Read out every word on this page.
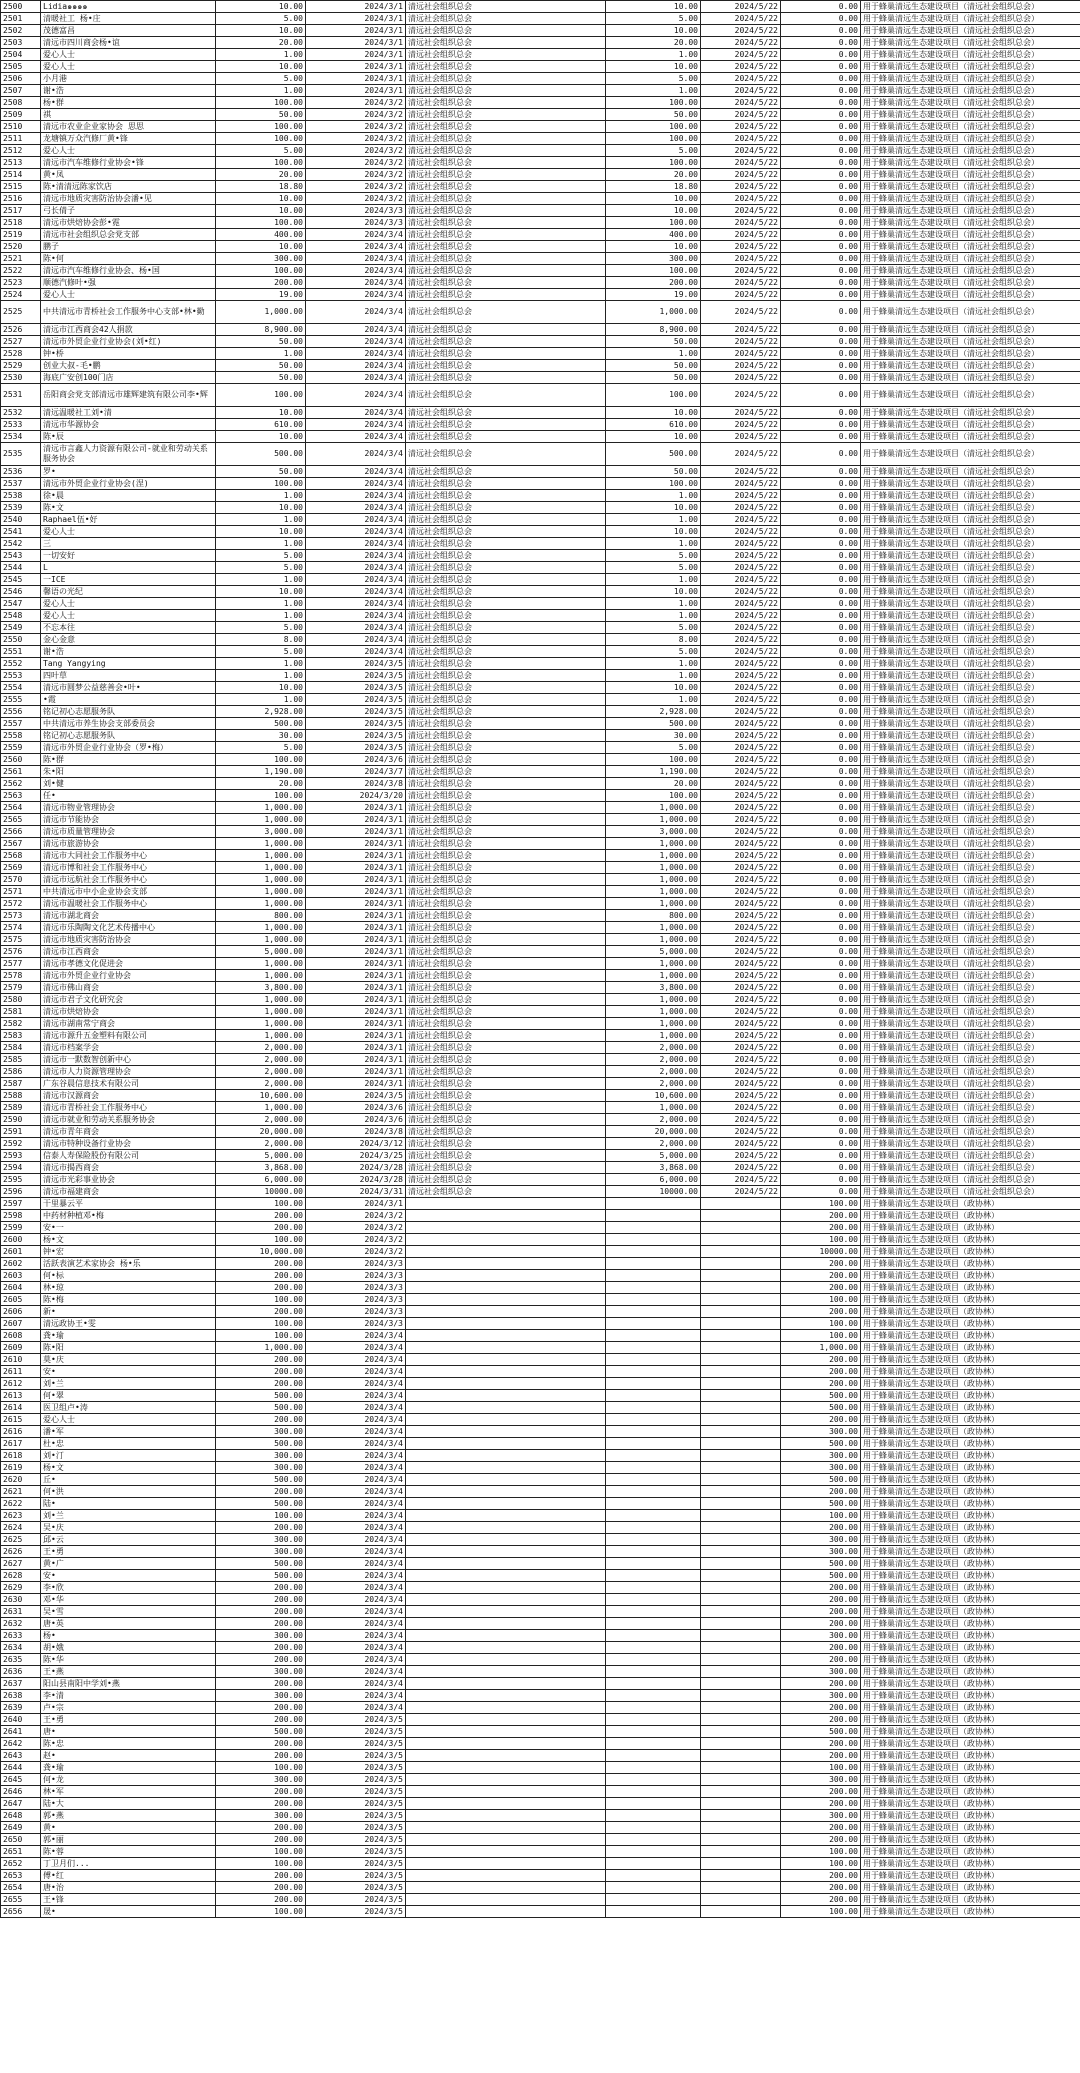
2500	Lidia๑๑๑๑	10.00	2024/3/1	清远社会组织总会	10.00	2024/5/22	0.00	用于蜂巢清远生态建设项目（清远社会组织总会）
2501	清暖社工 杨•庄	5.00	2024/3/1	清远社会组织总会	5.00	2024/5/22	0.00	用于蜂巢清远生态建设项目（清远社会组织总会）
2502	茂德富昌	10.00	2024/3/1	清远社会组织总会	10.00	2024/5/22	0.00	用于蜂巢清远生态建设项目（清远社会组织总会）
2503	清远市四川商会杨•谊	20.00	2024/3/1	清远社会组织总会	20.00	2024/5/22	0.00	用于蜂巢清远生态建设项目（清远社会组织总会）
2504	爱心人士	1.00	2024/3/1	清远社会组织总会	1.00	2024/5/22	0.00	用于蜂巢清远生态建设项目（清远社会组织总会）
2505	爱心人士	10.00	2024/3/1	清远社会组织总会	10.00	2024/5/22	0.00	用于蜂巢清远生态建设项目（清远社会组织总会）
2506	小月港	5.00	2024/3/1	清远社会组织总会	5.00	2024/5/22	0.00	用于蜂巢清远生态建设项目（清远社会组织总会）
2507	谢•浩	1.00	2024/3/1	清远社会组织总会	1.00	2024/5/22	0.00	用于蜂巢清远生态建设项目（清远社会组织总会）
2508	杨•群	100.00	2024/3/2	清远社会组织总会	100.00	2024/5/22	0.00	用于蜂巢清远生态建设项目（清远社会组织总会）
2509	祺	50.00	2024/3/2	清远社会组织总会	50.00	2024/5/22	0.00	用于蜂巢清远生态建设项目（清远社会组织总会）
2510	清远市农业企业家协会 思思	100.00	2024/3/2	清远社会组织总会	100.00	2024/5/22	0.00	用于蜂巢清远生态建设项目（清远社会组织总会）
2511	龙塘镇万众汽修厂黄•锋	100.00	2024/3/2	清远社会组织总会	100.00	2024/5/22	0.00	用于蜂巢清远生态建设项目（清远社会组织总会）
2512	爱心人士	5.00	2024/3/2	清远社会组织总会	5.00	2024/5/22	0.00	用于蜂巢清远生态建设项目（清远社会组织总会）
2513	清远市汽车维修行业协会•锋	100.00	2024/3/2	清远社会组织总会	100.00	2024/5/22	0.00	用于蜂巢清远生态建设项目（清远社会组织总会）
2514	黄•凤	20.00	2024/3/2	清远社会组织总会	20.00	2024/5/22	0.00	用于蜂巢清远生态建设项目（清远社会组织总会）
2515	陈•清清远陈家饮店	18.80	2024/3/2	清远社会组织总会	18.80	2024/5/22	0.00	用于蜂巢清远生态建设项目（清远社会组织总会）
2516	清远市地质灾害防治协会潘•见	10.00	2024/3/2	清远社会组织总会	10.00	2024/5/22	0.00	用于蜂巢清远生态建设项目（清远社会组织总会）
2517	弓长倩子	10.00	2024/3/3	清远社会组织总会	10.00	2024/5/22	0.00	用于蜂巢清远生态建设项目（清远社会组织总会）
2518	清远市烘焙协会彭•霓	100.00	2024/3/3	清远社会组织总会	100.00	2024/5/22	0.00	用于蜂巢清远生态建设项目（清远社会组织总会）
2519	清远市社会组织总会党支部	400.00	2024/3/4	清远社会组织总会	400.00	2024/5/22	0.00	用于蜂巢清远生态建设项目（清远社会组织总会）
2520	鹏子	10.00	2024/3/4	清远社会组织总会	10.00	2024/5/22	0.00	用于蜂巢清远生态建设项目（清远社会组织总会）
2521	陈•何	300.00	2024/3/4	清远社会组织总会	300.00	2024/5/22	0.00	用于蜂巢清远生态建设项目（清远社会组织总会）
2522	清远市汽车维修行业协会、杨•国	100.00	2024/3/4	清远社会组织总会	100.00	2024/5/22	0.00	用于蜂巢清远生态建设项目（清远社会组织总会）
2523	顺德汽修叶•强	200.00	2024/3/4	清远社会组织总会	200.00	2024/5/22	0.00	用于蜂巢清远生态建设项目（清远社会组织总会）
2524	爱心人士	19.00	2024/3/4	清远社会组织总会	19.00	2024/5/22	0.00	用于蜂巢清远生态建设项目（清远社会组织总会）
2525	中共清远市青桥社会工作服务中心支部•林•勤	1,000.00	2024/3/4	清远社会组织总会	1,000.00	2024/5/22	0.00	用于蜂巢清远生态建设项目（清远社会组织总会）
2526	清远市江西商会42人捐款	8,900.00	2024/3/4	清远社会组织总会	8,900.00	2024/5/22	0.00	用于蜂巢清远生态建设项目（清远社会组织总会）
2527	清远市外贸企业行业协会(刘•红)	50.00	2024/3/4	清远社会组织总会	50.00	2024/5/22	0.00	用于蜂巢清远生态建设项目（清远社会组织总会）
2528	钟•桥	1.00	2024/3/4	清远社会组织总会	1.00	2024/5/22	0.00	用于蜂巢清远生态建设项目（清远社会组织总会）
2529	创业大叔-毛•鹏	50.00	2024/3/4	清远社会组织总会	50.00	2024/5/22	0.00	用于蜂巢清远生态建设项目（清远社会组织总会）
2530	海底广安创100门店	50.00	2024/3/4	清远社会组织总会	50.00	2024/5/22	0.00	用于蜂巢清远生态建设项目（清远社会组织总会）
2531	岳阳商会党支部清远市雄辉建筑有限公司李•辉	100.00	2024/3/4	清远社会组织总会	100.00	2024/5/22	0.00	用于蜂巢清远生态建设项目（清远社会组织总会）
2532	清远温暖社工刘•清	10.00	2024/3/4	清远社会组织总会	10.00	2024/5/22	0.00	用于蜂巢清远生态建设项目（清远社会组织总会）
2533	清远市华源协会	610.00	2024/3/4	清远社会组织总会	610.00	2024/5/22	0.00	用于蜂巢清远生态建设项目（清远社会组织总会）
2534	陈•辰	10.00	2024/3/4	清远社会组织总会	10.00	2024/5/22	0.00	用于蜂巢清远生态建设项目（清远社会组织总会）
2535	清远市言鑫人力资源有限公司-就业和劳动关系服务协会	500.00	2024/3/4	清远社会组织总会	500.00	2024/5/22	0.00	用于蜂巢清远生态建设项目（清远社会组织总会）
2536	罗•	50.00	2024/3/4	清远社会组织总会	50.00	2024/5/22	0.00	用于蜂巢清远生态建设项目（清远社会组织总会）
2537	清远市外贸企业行业协会(涅)	100.00	2024/3/4	清远社会组织总会	100.00	2024/5/22	0.00	用于蜂巢清远生态建设项目（清远社会组织总会）
2538	徐•晨	1.00	2024/3/4	清远社会组织总会	1.00	2024/5/22	0.00	用于蜂巢清远生态建设项目（清远社会组织总会）
2539	陈•文	10.00	2024/3/4	清远社会组织总会	10.00	2024/5/22	0.00	用于蜂巢清远生态建设项目（清远社会组织总会）
2540	Raphael伍•好	1.00	2024/3/4	清远社会组织总会	1.00	2024/5/22	0.00	用于蜂巢清远生态建设项目（清远社会组织总会）
2541	爱心人士	10.00	2024/3/4	清远社会组织总会	10.00	2024/5/22	0.00	用于蜂巢清远生态建设项目（清远社会组织总会）
2542	三	1.00	2024/3/4	清远社会组织总会	1.00	2024/5/22	0.00	用于蜂巢清远生态建设项目（清远社会组织总会）
2543	一切安好	5.00	2024/3/4	清远社会组织总会	5.00	2024/5/22	0.00	用于蜂巢清远生态建设项目（清远社会组织总会）
2544	L	5.00	2024/3/4	清远社会组织总会	5.00	2024/5/22	0.00	用于蜂巢清远生态建设项目（清远社会组织总会）
2545	一ICE	1.00	2024/3/4	清远社会组织总会	1.00	2024/5/22	0.00	用于蜂巢清远生态建设项目（清远社会组织总会）
2546	馨语の光纪	10.00	2024/3/4	清远社会组织总会	10.00	2024/5/22	0.00	用于蜂巢清远生态建设项目（清远社会组织总会）
2547	爱心人士	1.00	2024/3/4	清远社会组织总会	1.00	2024/5/22	0.00	用于蜂巢清远生态建设项目（清远社会组织总会）
2548	爱心人士	1.00	2024/3/4	清远社会组织总会	1.00	2024/5/22	0.00	用于蜂巢清远生态建设项目（清远社会组织总会）
2549	不忘本往	5.00	2024/3/4	清远社会组织总会	5.00	2024/5/22	0.00	用于蜂巢清远生态建设项目（清远社会组织总会）
2550	金心金意	8.00	2024/3/4	清远社会组织总会	8.00	2024/5/22	0.00	用于蜂巢清远生态建设项目（清远社会组织总会）
2551	谢•浩	5.00	2024/3/4	清远社会组织总会	5.00	2024/5/22	0.00	用于蜂巢清远生态建设项目（清远社会组织总会）
2552	Tang Yangying	1.00	2024/3/5	清远社会组织总会	1.00	2024/5/22	0.00	用于蜂巢清远生态建设项目（清远社会组织总会）
2553	四叶草	1.00	2024/3/5	清远社会组织总会	1.00	2024/5/22	0.00	用于蜂巢清远生态建设项目（清远社会组织总会）
2554	清远市圆梦公益慈善会•叶•	10.00	2024/3/5	清远社会组织总会	10.00	2024/5/22	0.00	用于蜂巢清远生态建设项目（清远社会组织总会）
2555	•霞	1.00	2024/3/5	清远社会组织总会	1.00	2024/5/22	0.00	用于蜂巢清远生态建设项目（清远社会组织总会）
2556	铭记初心志愿服务队	2,928.00	2024/3/5	清远社会组织总会	2,928.00	2024/5/22	0.00	用于蜂巢清远生态建设项目（清远社会组织总会）
2557	中共清远市养生协会支部委员会	500.00	2024/3/5	清远社会组织总会	500.00	2024/5/22	0.00	用于蜂巢清远生态建设项目（清远社会组织总会）
2558	铭记初心志愿服务队	30.00	2024/3/5	清远社会组织总会	30.00	2024/5/22	0.00	用于蜂巢清远生态建设项目（清远社会组织总会）
2559	清远市外贸企业行业协会（罗•梅）	5.00	2024/3/5	清远社会组织总会	5.00	2024/5/22	0.00	用于蜂巢清远生态建设项目（清远社会组织总会）
2560	陈•群	100.00	2024/3/6	清远社会组织总会	100.00	2024/5/22	0.00	用于蜂巢清远生态建设项目（清远社会组织总会）
2561	朱•阳	1,190.00	2024/3/7	清远社会组织总会	1,190.00	2024/5/22	0.00	用于蜂巢清远生态建设项目（清远社会组织总会）
2562	刘•健	20.00	2024/3/8	清远社会组织总会	20.00	2024/5/22	0.00	用于蜂巢清远生态建设项目（清远社会组织总会）
2563	任•	100.00	2024/3/20	清远社会组织总会	100.00	2024/5/22	0.00	用于蜂巢清远生态建设项目（清远社会组织总会）
2564	清远市物业管理协会	1,000.00	2024/3/1	清远社会组织总会	1,000.00	2024/5/22	0.00	用于蜂巢清远生态建设项目（清远社会组织总会）
2565	清远市节能协会	1,000.00	2024/3/1	清远社会组织总会	1,000.00	2024/5/22	0.00	用于蜂巢清远生态建设项目（清远社会组织总会）
2566	清远市质量管理协会	3,000.00	2024/3/1	清远社会组织总会	3,000.00	2024/5/22	0.00	用于蜂巢清远生态建设项目（清远社会组织总会）
2567	清远市旅游协会	1,000.00	2024/3/1	清远社会组织总会	1,000.00	2024/5/22	0.00	用于蜂巢清远生态建设项目（清远社会组织总会）
2568	清远市大同社会工作服务中心	1,000.00	2024/3/1	清远社会组织总会	1,000.00	2024/5/22	0.00	用于蜂巢清远生态建设项目（清远社会组织总会）
2569	清远市博和社会工作服务中心	1,000.00	2024/3/1	清远社会组织总会	1,000.00	2024/5/22	0.00	用于蜂巢清远生态建设项目（清远社会组织总会）
2570	清远市远航社会工作服务中心	1,000.00	2024/3/1	清远社会组织总会	1,000.00	2024/5/22	0.00	用于蜂巢清远生态建设项目（清远社会组织总会）
2571	中共清远市中小企业协会支部	1,000.00	2024/3/1	清远社会组织总会	1,000.00	2024/5/22	0.00	用于蜂巢清远生态建设项目（清远社会组织总会）
2572	清远市温暖社会工作服务中心	1,000.00	2024/3/1	清远社会组织总会	1,000.00	2024/5/22	0.00	用于蜂巢清远生态建设项目（清远社会组织总会）
2573	清远市湖北商会	800.00	2024/3/1	清远社会组织总会	800.00	2024/5/22	0.00	用于蜂巢清远生态建设项目（清远社会组织总会）
2574	清远市乐陶陶文化艺术传播中心	1,000.00	2024/3/1	清远社会组织总会	1,000.00	2024/5/22	0.00	用于蜂巢清远生态建设项目（清远社会组织总会）
2575	清远市地质灾害防治协会	1,000.00	2024/3/1	清远社会组织总会	1,000.00	2024/5/22	0.00	用于蜂巢清远生态建设项目（清远社会组织总会）
2576	清远市江西商会	5,000.00	2024/3/1	清远社会组织总会	5,000.00	2024/5/22	0.00	用于蜂巢清远生态建设项目（清远社会组织总会）
2577	清远市孝德文化促进会	1,000.00	2024/3/1	清远社会组织总会	1,000.00	2024/5/22	0.00	用于蜂巢清远生态建设项目（清远社会组织总会）
2578	清远市外贸企业行业协会	1,000.00	2024/3/1	清远社会组织总会	1,000.00	2024/5/22	0.00	用于蜂巢清远生态建设项目（清远社会组织总会）
2579	清远市佛山商会	3,800.00	2024/3/1	清远社会组织总会	3,800.00	2024/5/22	0.00	用于蜂巢清远生态建设项目（清远社会组织总会）
2580	清远市君子文化研究会	1,000.00	2024/3/1	清远社会组织总会	1,000.00	2024/5/22	0.00	用于蜂巢清远生态建设项目（清远社会组织总会）
2581	清远市烘焙协会	1,000.00	2024/3/1	清远社会组织总会	1,000.00	2024/5/22	0.00	用于蜂巢清远生态建设项目（清远社会组织总会）
2582	清远市湖南常宁商会	1,000.00	2024/3/1	清远社会组织总会	1,000.00	2024/5/22	0.00	用于蜂巢清远生态建设项目（清远社会组织总会）
2583	清远市源升五金塑料有限公司	1,000.00	2024/3/1	清远社会组织总会	1,000.00	2024/5/22	0.00	用于蜂巢清远生态建设项目（清远社会组织总会）
2584	清远市档案学会	2,000.00	2024/3/1	清远社会组织总会	2,000.00	2024/5/22	0.00	用于蜂巢清远生态建设项目（清远社会组织总会）
2585	清远市一默数智创新中心	2,000.00	2024/3/1	清远社会组织总会	2,000.00	2024/5/22	0.00	用于蜂巢清远生态建设项目（清远社会组织总会）
2586	清远市人力资源管理协会	2,000.00	2024/3/1	清远社会组织总会	2,000.00	2024/5/22	0.00	用于蜂巢清远生态建设项目（清远社会组织总会）
2587	广东谷晨信息技术有限公司	2,000.00	2024/3/1	清远社会组织总会	2,000.00	2024/5/22	0.00	用于蜂巢清远生态建设项目（清远社会组织总会）
2588	清远市汉源商会	10,600.00	2024/3/5	清远社会组织总会	10,600.00	2024/5/22	0.00	用于蜂巢清远生态建设项目（清远社会组织总会）
2589	清远市青桥社会工作服务中心	1,000.00	2024/3/6	清远社会组织总会	1,000.00	2024/5/22	0.00	用于蜂巢清远生态建设项目（清远社会组织总会）
2590	清远市就业和劳动关系服务协会	2,000.00	2024/3/6	清远社会组织总会	2,000.00	2024/5/22	0.00	用于蜂巢清远生态建设项目（清远社会组织总会）
2591	清远市青年商会	20,000.00	2024/3/8	清远社会组织总会	20,000.00	2024/5/22	0.00	用于蜂巢清远生态建设项目（清远社会组织总会）
2592	清远市特种设备行业协会	2,000.00	2024/3/12	清远社会组织总会	2,000.00	2024/5/22	0.00	用于蜂巢清远生态建设项目（清远社会组织总会）
2593	信泰人寿保险股份有限公司	5,000.00	2024/3/25	清远社会组织总会	5,000.00	2024/5/22	0.00	用于蜂巢清远生态建设项目（清远社会组织总会）
2594	清远市揭西商会	3,868.00	2024/3/28	清远社会组织总会	3,868.00	2024/5/22	0.00	用于蜂巢清远生态建设项目（清远社会组织总会）
2595	清远市光彩事业协会	6,000.00	2024/3/28	清远社会组织总会	6,000.00	2024/5/22	0.00	用于蜂巢清远生态建设项目（清远社会组织总会）
2596	清远市福建商会	10000.00	2024/3/31	清远社会组织总会	10000.00	2024/5/22	0.00	用于蜂巢清远生态建设项目（清远社会组织总会）
2597	干里暴云平	100.00	2024/3/1				100.00	用于蜂巢清远生态建设项目（政协林）
2598	中药材种植邓•梅	200.00	2024/3/2				200.00	用于蜂巢清远生态建设项目（政协林）
2599	安•一	200.00	2024/3/2				200.00	用于蜂巢清远生态建设项目（政协林）
2600	杨•文	100.00	2024/3/2				100.00	用于蜂巢清远生态建设项目（政协林）
2601	钟•宏	10,000.00	2024/3/2				10000.00	用于蜂巢清远生态建设项目（政协林）
2602	活跃表演艺术家协会 杨•乐	200.00	2024/3/3				200.00	用于蜂巢清远生态建设项目（政协林）
2603	何•标	200.00	2024/3/3				200.00	用于蜂巢清远生态建设项目（政协林）
2604	林•琼	200.00	2024/3/3				200.00	用于蜂巢清远生态建设项目（政协林）
2605	陈•梅	100.00	2024/3/3				100.00	用于蜂巢清远生态建设项目（政协林）
2606	新•	200.00	2024/3/3				200.00	用于蜂巢清远生态建设项目（政协林）
2607	清远政协王•雯	100.00	2024/3/3				100.00	用于蜂巢清远生态建设项目（政协林）
2608	龚•瑜	100.00	2024/3/4				100.00	用于蜂巢清远生态建设项目（政协林）
2609	陈•阳	1,000.00	2024/3/4				1,000.00	用于蜂巢清远生态建设项目（政协林）
2610	莫•庆	200.00	2024/3/4				200.00	用于蜂巢清远生态建设项目（政协林）
2611	安•	200.00	2024/3/4				200.00	用于蜂巢清远生态建设项目（政协林）
2612	刘•兰	200.00	2024/3/4				200.00	用于蜂巢清远生态建设项目（政协林）
2613	何•翠	500.00	2024/3/4				500.00	用于蜂巢清远生态建设项目（政协林）
2614	医卫组卢•涛	500.00	2024/3/4				500.00	用于蜂巢清远生态建设项目（政协林）
2615	爱心人士	200.00	2024/3/4				200.00	用于蜂巢清远生态建设项目（政协林）
2616	潘•军	300.00	2024/3/4				300.00	用于蜂巢清远生态建设项目（政协林）
2617	杜•忠	500.00	2024/3/4				500.00	用于蜂巢清远生态建设项目（政协林）
2618	刘•汀	300.00	2024/3/4				300.00	用于蜂巢清远生态建设项目（政协林）
2619	杨•文	300.00	2024/3/4				300.00	用于蜂巢清远生态建设项目（政协林）
2620	丘•	500.00	2024/3/4				500.00	用于蜂巢清远生态建设项目（政协林）
2621	何•洪	200.00	2024/3/4				200.00	用于蜂巢清远生态建设项目（政协林）
2622	陆•	500.00	2024/3/4				500.00	用于蜂巢清远生态建设项目（政协林）
2623	刘•兰	100.00	2024/3/4				100.00	用于蜂巢清远生态建设项目（政协林）
2624	吴•庆	200.00	2024/3/4				200.00	用于蜂巢清远生态建设项目（政协林）
2625	邱•云	300.00	2024/3/4				300.00	用于蜂巢清远生态建设项目（政协林）
2626	王•勇	300.00	2024/3/4				300.00	用于蜂巢清远生态建设项目（政协林）
2627	黄•广	500.00	2024/3/4				500.00	用于蜂巢清远生态建设项目（政协林）
2628	安•	500.00	2024/3/4				500.00	用于蜂巢清远生态建设项目（政协林）
2629	李•欣	200.00	2024/3/4				200.00	用于蜂巢清远生态建设项目（政协林）
2630	邓•华	200.00	2024/3/4				200.00	用于蜂巢清远生态建设项目（政协林）
2631	吴•雪	200.00	2024/3/4				200.00	用于蜂巢清远生态建设项目（政协林）
2632	唐•英	200.00	2024/3/4				200.00	用于蜂巢清远生态建设项目（政协林）
2633	杨•	300.00	2024/3/4				300.00	用于蜂巢清远生态建设项目（政协林）
2634	胡•娥	200.00	2024/3/4				200.00	用于蜂巢清远生态建设项目（政协林）
2635	陈•华	200.00	2024/3/4				200.00	用于蜂巢清远生态建设项目（政协林）
2636	王•燕	300.00	2024/3/4				300.00	用于蜂巢清远生态建设项目（政协林）
2637	阳山县南阳中学刘•燕	200.00	2024/3/4				200.00	用于蜂巢清远生态建设项目（政协林）
2638	李•清	300.00	2024/3/4				300.00	用于蜂巢清远生态建设项目（政协林）
2639	卢•宗	200.00	2024/3/4				200.00	用于蜂巢清远生态建设项目（政协林）
2640	王•勇	200.00	2024/3/5				200.00	用于蜂巢清远生态建设项目（政协林）
2641	唐•	500.00	2024/3/5				500.00	用于蜂巢清远生态建设项目（政协林）
2642	陈•忠	200.00	2024/3/5				200.00	用于蜂巢清远生态建设项目（政协林）
2643	赵•	200.00	2024/3/5				200.00	用于蜂巢清远生态建设项目（政协林）
2644	龚•瑜	100.00	2024/3/5				100.00	用于蜂巢清远生态建设项目（政协林）
2645	何•龙	300.00	2024/3/5				300.00	用于蜂巢清远生态建设项目（政协林）
2646	林•军	200.00	2024/3/5				200.00	用于蜂巢清远生态建设项目（政协林）
2647	陆•大	200.00	2024/3/5				200.00	用于蜂巢清远生态建设项目（政协林）
2648	郭•燕	300.00	2024/3/5				300.00	用于蜂巢清远生态建设项目（政协林）
2649	黄•	200.00	2024/3/5				200.00	用于蜂巢清远生态建设项目（政协林）
2650	郭•丽	200.00	2024/3/5				200.00	用于蜂巢清远生态建设项目（政协林）
2651	陈•蓉	100.00	2024/3/5				100.00	用于蜂巢清远生态建设项目（政协林）
2652	丁卫月们...	100.00	2024/3/5				100.00	用于蜂巢清远生态建设项目（政协林）
2653	傅•红	200.00	2024/3/5				200.00	用于蜂巢清远生态建设项目（政协林）
2654	唐•治	200.00	2024/3/5				200.00	用于蜂巢清远生态建设项目（政协林）
2655	王•锋	200.00	2024/3/5				200.00	用于蜂巢清远生态建设项目（政协林）
2656	晟•	100.00	2024/3/5				100.00	用于蜂巢清远生态建设项目（政协林）
